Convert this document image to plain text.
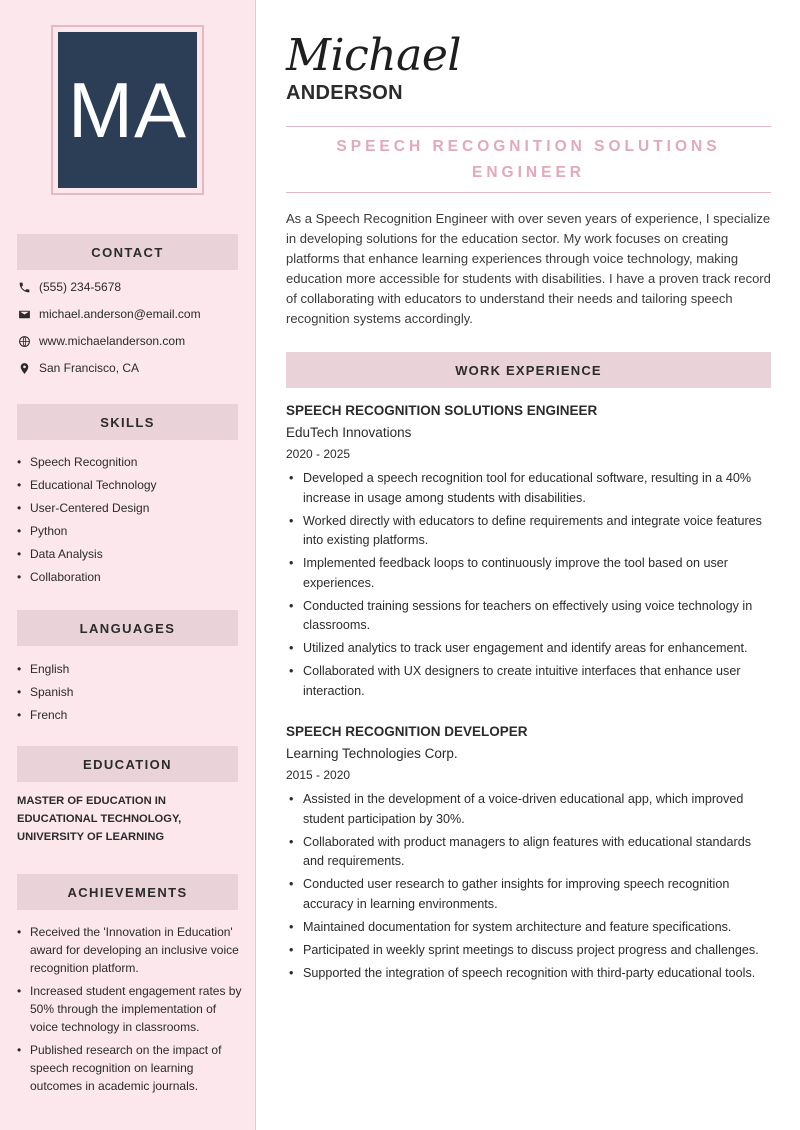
MA
CONTACT
(555) 234-5678
michael.anderson@email.com
www.michaelanderson.com
San Francisco, CA
SKILLS
• Speech Recognition
• Educational Technology
• User-Centered Design
• Python
• Data Analysis
• Collaboration
LANGUAGES
• English
• Spanish
• French
EDUCATION
MASTER OF EDUCATION IN EDUCATIONAL TECHNOLOGY, UNIVERSITY OF LEARNING
ACHIEVEMENTS
• Received the 'Innovation in Education' award for developing an inclusive voice recognition platform.
• Increased student engagement rates by 50% through the implementation of voice technology in classrooms.
• Published research on the impact of speech recognition on learning outcomes in academic journals.
Michael
ANDERSON
SPEECH RECOGNITION SOLUTIONS
ENGINEER
As a Speech Recognition Engineer with over seven years of experience, I specialize in developing solutions for the education sector. My work focuses on creating platforms that enhance learning experiences through voice technology, making education more accessible for students with disabilities. I have a proven track record of collaborating with educators to understand their needs and tailoring speech recognition systems accordingly.
WORK EXPERIENCE
SPEECH RECOGNITION SOLUTIONS ENGINEER
EduTech Innovations
2020 - 2025
• Developed a speech recognition tool for educational software, resulting in a 40% increase in usage among students with disabilities.
• Worked directly with educators to define requirements and integrate voice features into existing platforms.
• Implemented feedback loops to continuously improve the tool based on user experiences.
• Conducted training sessions for teachers on effectively using voice technology in classrooms.
• Utilized analytics to track user engagement and identify areas for enhancement.
• Collaborated with UX designers to create intuitive interfaces that enhance user interaction.
SPEECH RECOGNITION DEVELOPER
Learning Technologies Corp.
2015 - 2020
• Assisted in the development of a voice-driven educational app, which improved student participation by 30%.
• Collaborated with product managers to align features with educational standards and requirements.
• Conducted user research to gather insights for improving speech recognition accuracy in learning environments.
• Maintained documentation for system architecture and feature specifications.
• Participated in weekly sprint meetings to discuss project progress and challenges.
• Supported the integration of speech recognition with third-party educational tools.
